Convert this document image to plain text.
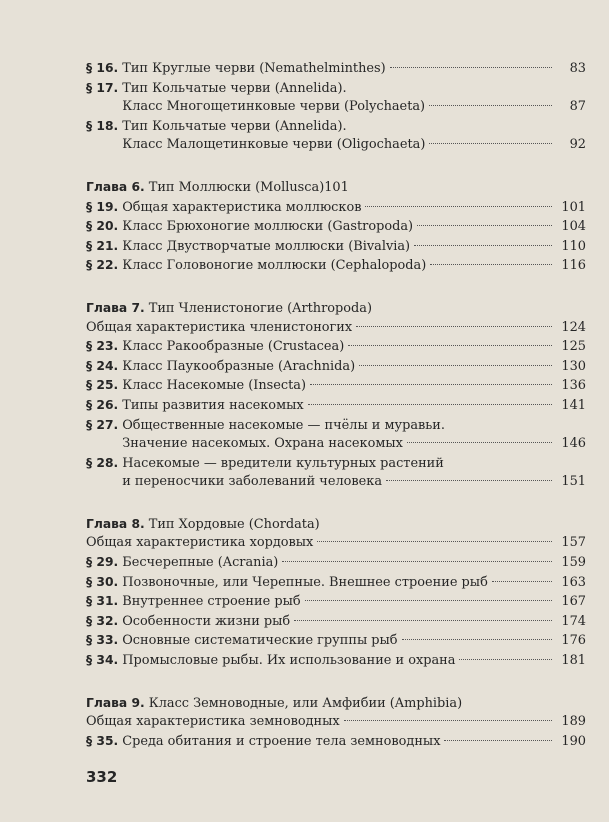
§ 16. Тип Круглые черви (Nemathelminthes)	83
§ 17. Тип Кольчатые черви (Annelida).
Класс Многощетинковые черви (Polychaeta)	87
§ 18. Тип Кольчатые черви (Annelida).
Класс Малощетинковые черви (Oligochaeta)	92
Глава 6. Тип Моллюски (Mollusca) 101
§ 19. Общая характеристика моллюсков	101
§ 20. Класс Брюхоногие моллюски (Gastropoda)	104
§ 21. Класс Двустворчатые моллюски (Bivalvia)	110
§ 22. Класс Головоногие моллюски (Cephalopoda)	116
Глава 7. Тип Членистоногие (Arthropoda)
Общая характеристика членистоногих	124
§ 23. Класс Ракообразные (Crustacea)	125
§ 24. Класс Паукообразные (Arachnida)	130
§ 25. Класс Насекомые (Insecta)	136
§ 26. Типы развития насекомых	141
§ 27. Общественные насекомые — пчёлы и муравьи.
Значение насекомых. Охрана насекомых	146
§ 28. Насекомые — вредители культурных растений
и переносчики заболеваний человека	151
Глава 8. Тип Хордовые (Chordata)
Общая характеристика хордовых	157
§ 29. Бесчерепные (Acrania)	159
§ 30. Позвоночные, или Черепные. Внешнее строение рыб	163
§ 31. Внутреннее строение рыб	167
§ 32. Особенности жизни рыб	174
§ 33. Основные систематические группы рыб	176
§ 34. Промысловые рыбы. Их использование и охрана	181
Глава 9. Класс Земноводные, или Амфибии (Amphibia)
Общая характеристика земноводных	189
§ 35. Среда обитания и строение тела земноводных	190
332
